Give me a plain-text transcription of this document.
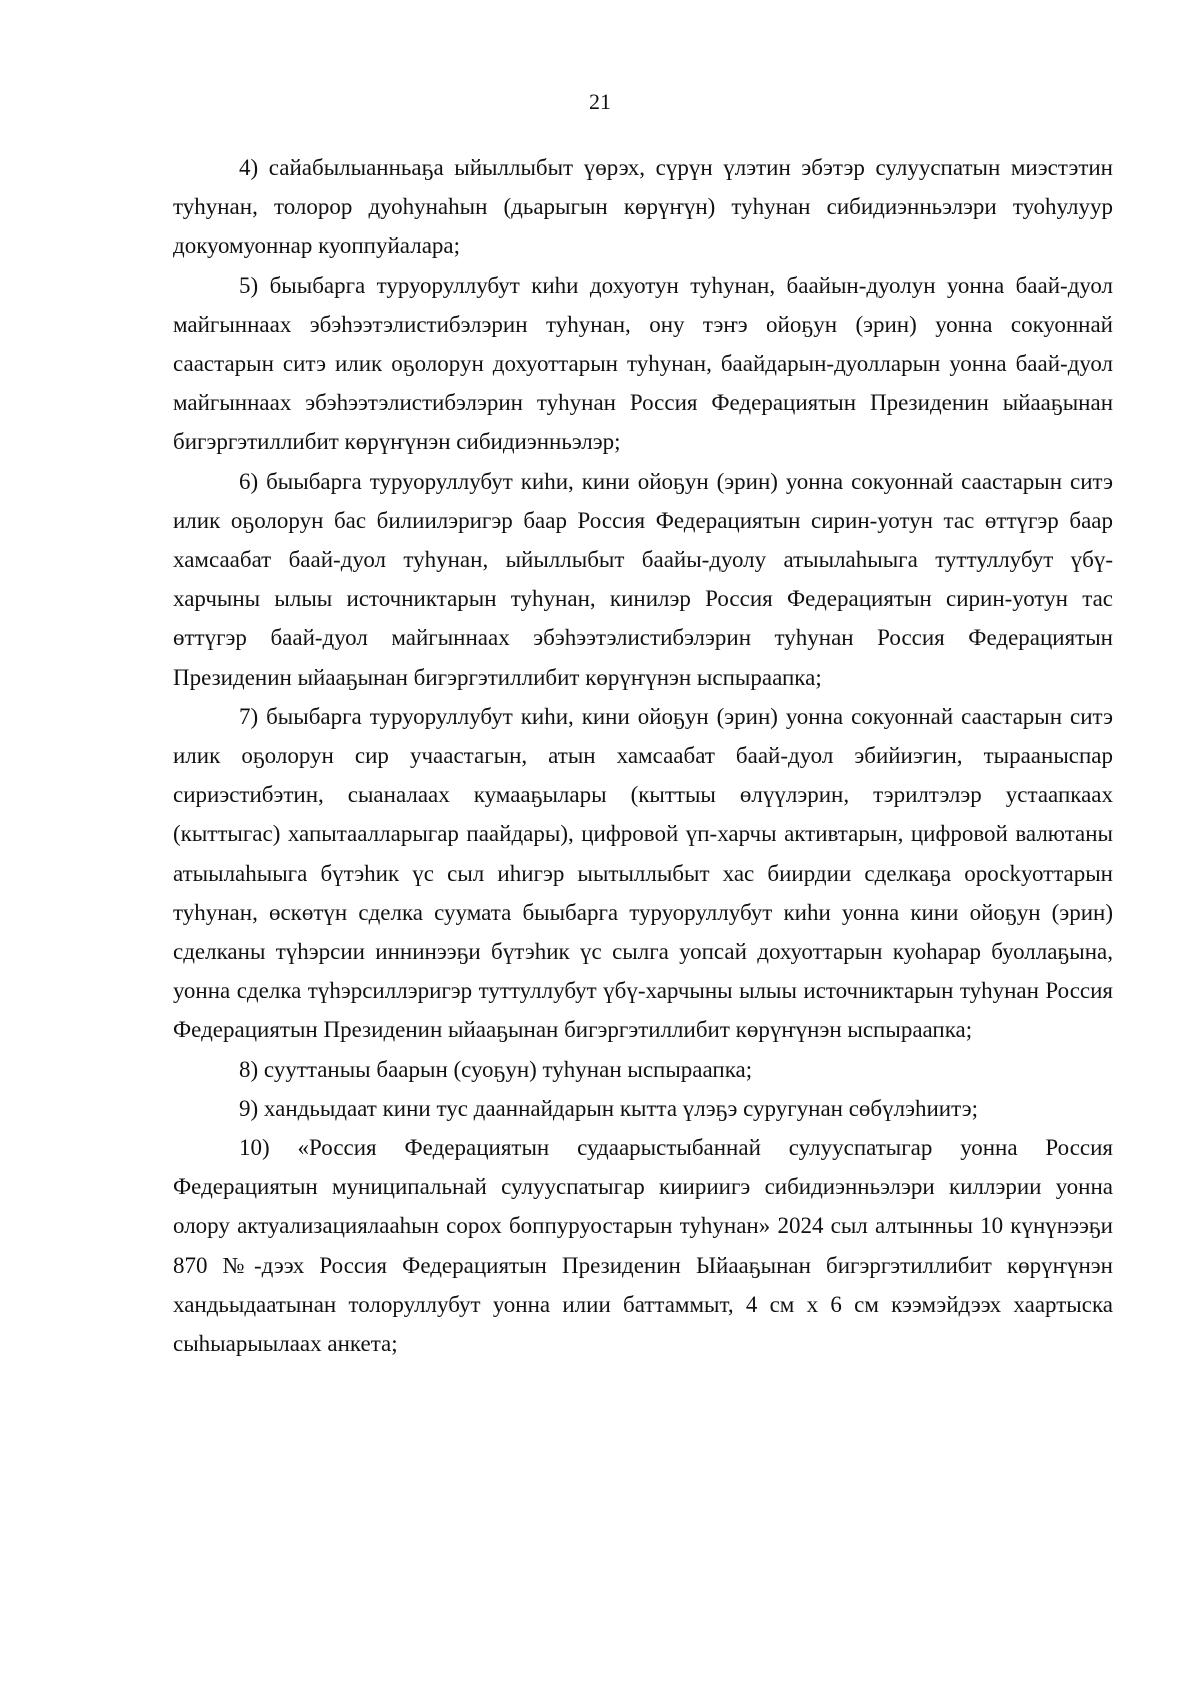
21

4) сайабылыанньаҕа ыйыллыбыт үөрэх, сүрүн үлэтин эбэтэр сулууспатын миэстэтин туһунан, толорор дуоһунаһын (дьарыгын көрүҥүн) туһунан сибидиэнньэлэри туоһулуур докуомуоннар куоппуйалара;

5) быыбарга туруоруллубут киһи дохуотун туһунан, баайын-дуолун уонна баай-дуол майгыннаах эбэһээтэлистибэлэрин туһунан, ону тэҥэ ойоҕун (эрин) уонна сокуоннай саастарын ситэ илик оҕолорун дохуоттарын туһунан, баайдарын-дуолларын уонна баай-дуол майгыннаах эбэһээтэлистибэлэрин туһунан Россия Федерациятын Президенин ыйааҕынан бигэргэтиллибит көрүҥүнэн сибидиэнньэлэр;

6) быыбарга туруоруллубут киһи, кини ойоҕун (эрин) уонна сокуоннай саастарын ситэ илик оҕолорун бас билиилэригэр баар Россия Федерациятын сирин-уотун тас өттүгэр баар хамсаабат баай-дуол туһунан, ыйыллыбыт баайы-дуолу атыылаһыыга туттуллубут үбү-харчыны ылыы источниктарын туһунан, кинилэр Россия Федерациятын сирин-уотун тас өттүгэр баай-дуол майгыннаах эбэһээтэлистибэлэрин туһунан Россия Федерациятын Президенин ыйааҕынан бигэргэтиллибит көрүҥүнэн ыспыраапка;

7) быыбарга туруоруллубут киһи, кини ойоҕун (эрин) уонна сокуоннай саастарын ситэ илик оҕолорун сир учаастагын, атын хамсаабат баай-дуол эбийиэгин, тырааныспар сириэстибэтин, сыаналаах кумааҕылары (кыттыы өлүүлэрин, тэрилтэлэр устаапкаах (кыттыгас) хапытаалларыгар паайдары), цифровой үп-харчы активтарын, цифровой валютаны атыылаһыыга бүтэһик үс сыл иһигэр ыытыллыбыт хас биирдии сделкаҕа оросkуоттарын туһунан, өскөтүн сделка суумата быыбарга туруоруллубут киһи уонна кини ойоҕун (эрин) сделканы түһэрсии иннинээҕи бүтэһик үс сылга уопсай дохуоттарын куоһарар буоллаҕына, уонна сделка түһэрсиллэригэр туттуллубут үбү-харчыны ылыы источниктарын туһунан Россия Федерациятын Президенин ыйааҕынан бигэргэтиллибит көрүҥүнэн ыспыраапка;

8) сууттаныы баарын (суоҕун) туһунан ыспыраапка;

9) хандьыдаат кини тус дааннайдарын кытта үлэҕэ суругунан сөбүлэһиитэ;

10) «Россия Федерациятын судаарыстыбаннай сулууспатыгар уонна Россия Федерациятын муниципальнай сулууспатыгар киириигэ сибидиэнньэлэри киллэрии уонна олору актуализациялааһын сорох боппуруостарын туһунан» 2024 сыл алтынньы 10 күнүнээҕи 870 №-дээх Россия Федерациятын Президенин Ыйааҕынан бигэргэтиллибит көрүҥүнэн хандьыдаатынан толоруллубут уонна илии баттаммыт, 4 см х 6 см кээмэйдээх хаартыска сыһыарыылаах анкета;
